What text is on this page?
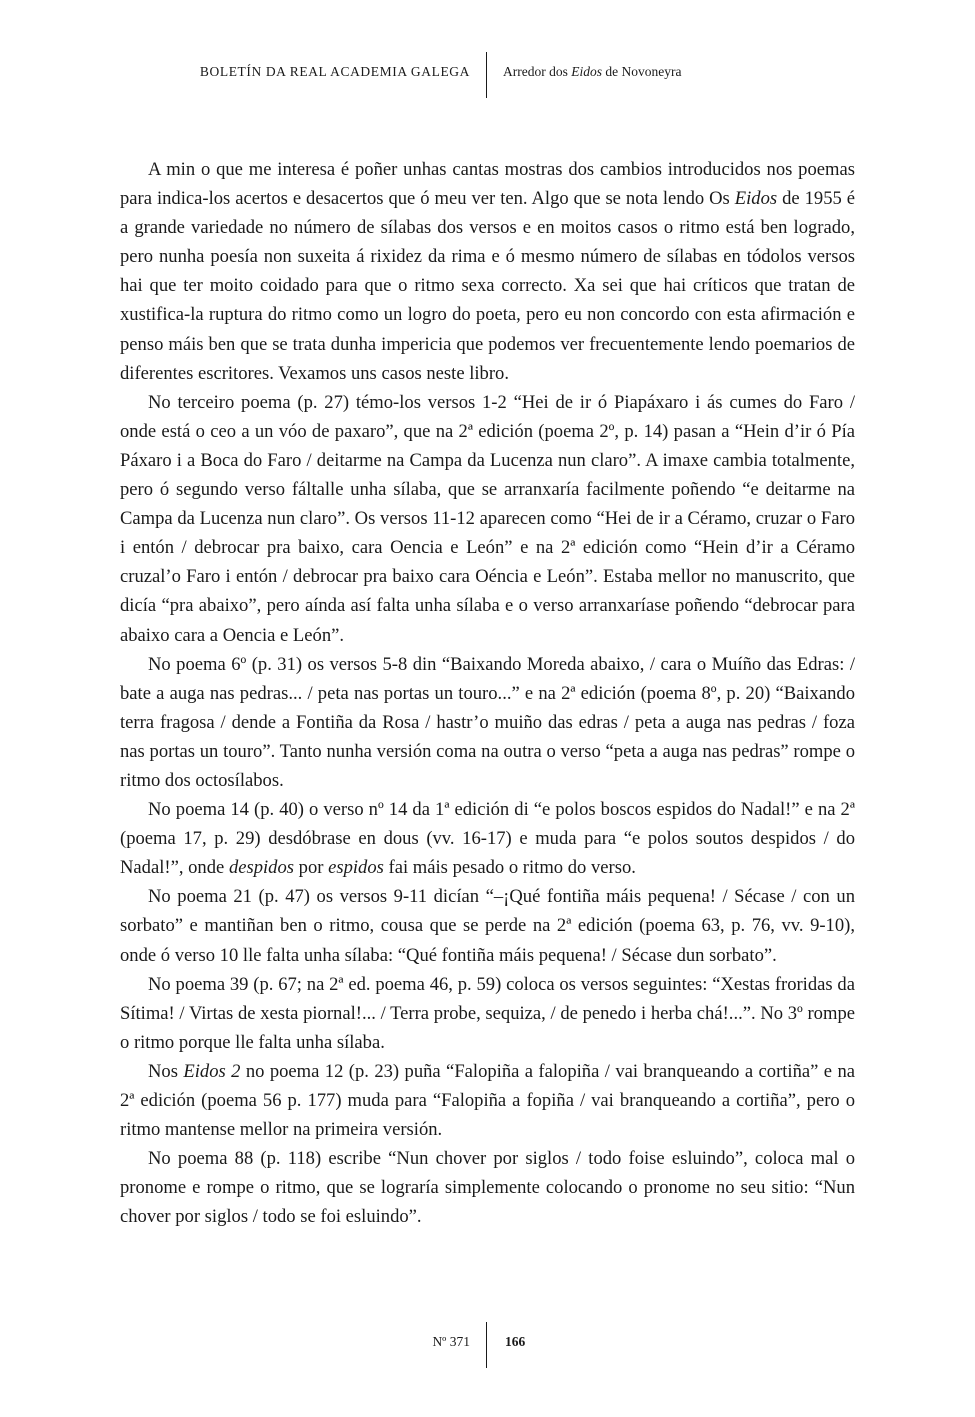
BOLETÍN DA REAL ACADEMIA GALEGA Arredor dos Eidos de Novoneyra

A min o que me interesa é poñer unhas cantas mostras dos cambios introducidos nos poemas para indica-los acertos e desacertos que ó meu ver ten. Algo que se nota lendo Os Eidos de 1955 é a grande variedade no número de sílabas dos versos e en moitos casos o ritmo está ben logrado, pero nunha poesía non suxeita á rixidez da rima e ó mesmo número de sílabas en tódolos versos hai que ter moito coidado para que o ritmo sexa correcto. Xa sei que hai críticos que tratan de xustifica-la ruptura do ritmo como un logro do poeta, pero eu non concordo con esta afirmación e penso máis ben que se trata dunha impericia que podemos ver frecuentemente lendo poemarios de diferentes escritores. Vexamos uns casos neste libro.

No terceiro poema (p. 27) témo-los versos 1-2 “Hei de ir ó Piapáxaro i ás cumes do Faro / onde está o ceo a un vóo de paxaro”, que na 2ª edición (poema 2º, p. 14) pasan a “Hein d’ir ó Pía Páxaro i a Boca do Faro / deitarme na Campa da Lucenza nun claro”. A imaxe cambia totalmente, pero ó segundo verso fáltalle unha sílaba, que se arranxaría facilmente poñendo “e deitarme na Campa da Lucenza nun claro”. Os versos 11-12 aparecen como “Hei de ir a Céramo, cruzar o Faro i entón / debrocar pra baixo, cara Oencia e León” e na 2ª edición como “Hein d’ir a Céramo cruzal’o Faro i entón / debrocar pra baixo cara Oéncia e León”. Estaba mellor no manuscrito, que dicía “pra abaixo”, pero aínda así falta unha sílaba e o verso arranxaríase poñendo “debrocar para abaixo cara a Oencia e León”.

No poema 6º (p. 31) os versos 5-8 din “Baixando Moreda abaixo, / cara o Muíño das Edras: / bate a auga nas pedras... / peta nas portas un touro...” e na 2ª edición (poema 8º, p. 20) “Baixando terra fragosa / dende a Fontiña da Rosa / hastr’o muiño das edras / peta a auga nas pedras / foza nas portas un touro”. Tanto nunha versión coma na outra o verso “peta a auga nas pedras” rompe o ritmo dos octosílabos.

No poema 14 (p. 40) o verso nº 14 da 1ª edición di “e polos boscos espidos do Nadal!” e na 2ª (poema 17, p. 29) desdóbrase en dous (vv. 16-17) e muda para “e polos soutos despidos / do Nadal!”, onde despidos por espidos fai máis pesado o ritmo do verso.

No poema 21 (p. 47) os versos 9-11 dicían “–¡Qué fontiña máis pequena! / Sécase / con un sorbato” e mantiñan ben o ritmo, cousa que se perde na 2ª edición (poema 63, p. 76, vv. 9-10), onde ó verso 10 lle falta unha sílaba: “Qué fontiña máis pequena! / Sécase dun sorbato”.

No poema 39 (p. 67; na 2ª ed. poema 46, p. 59) coloca os versos seguintes: “Xestas froridas da Sítima! / Virtas de xesta piornal!... / Terra probe, sequiza, / de penedo i herba chá!...”. No 3º rompe o ritmo porque lle falta unha sílaba.

Nos Eidos 2 no poema 12 (p. 23) puña “Falopiña a falopiña / vai branqueando a cortiña” e na 2ª edición (poema 56 p. 177) muda para “Falopiña a fopiña / vai branqueando a cortiña”, pero o ritmo mantense mellor na primeira versión.

No poema 88 (p. 118) escribe “Nun chover por siglos / todo foise esluindo”, coloca mal o pronome e rompe o ritmo, que se lograría simplemente colocando o pronome no seu sitio: “Nun chover por siglos / todo se foi esluindo”.

Nº 371	166
